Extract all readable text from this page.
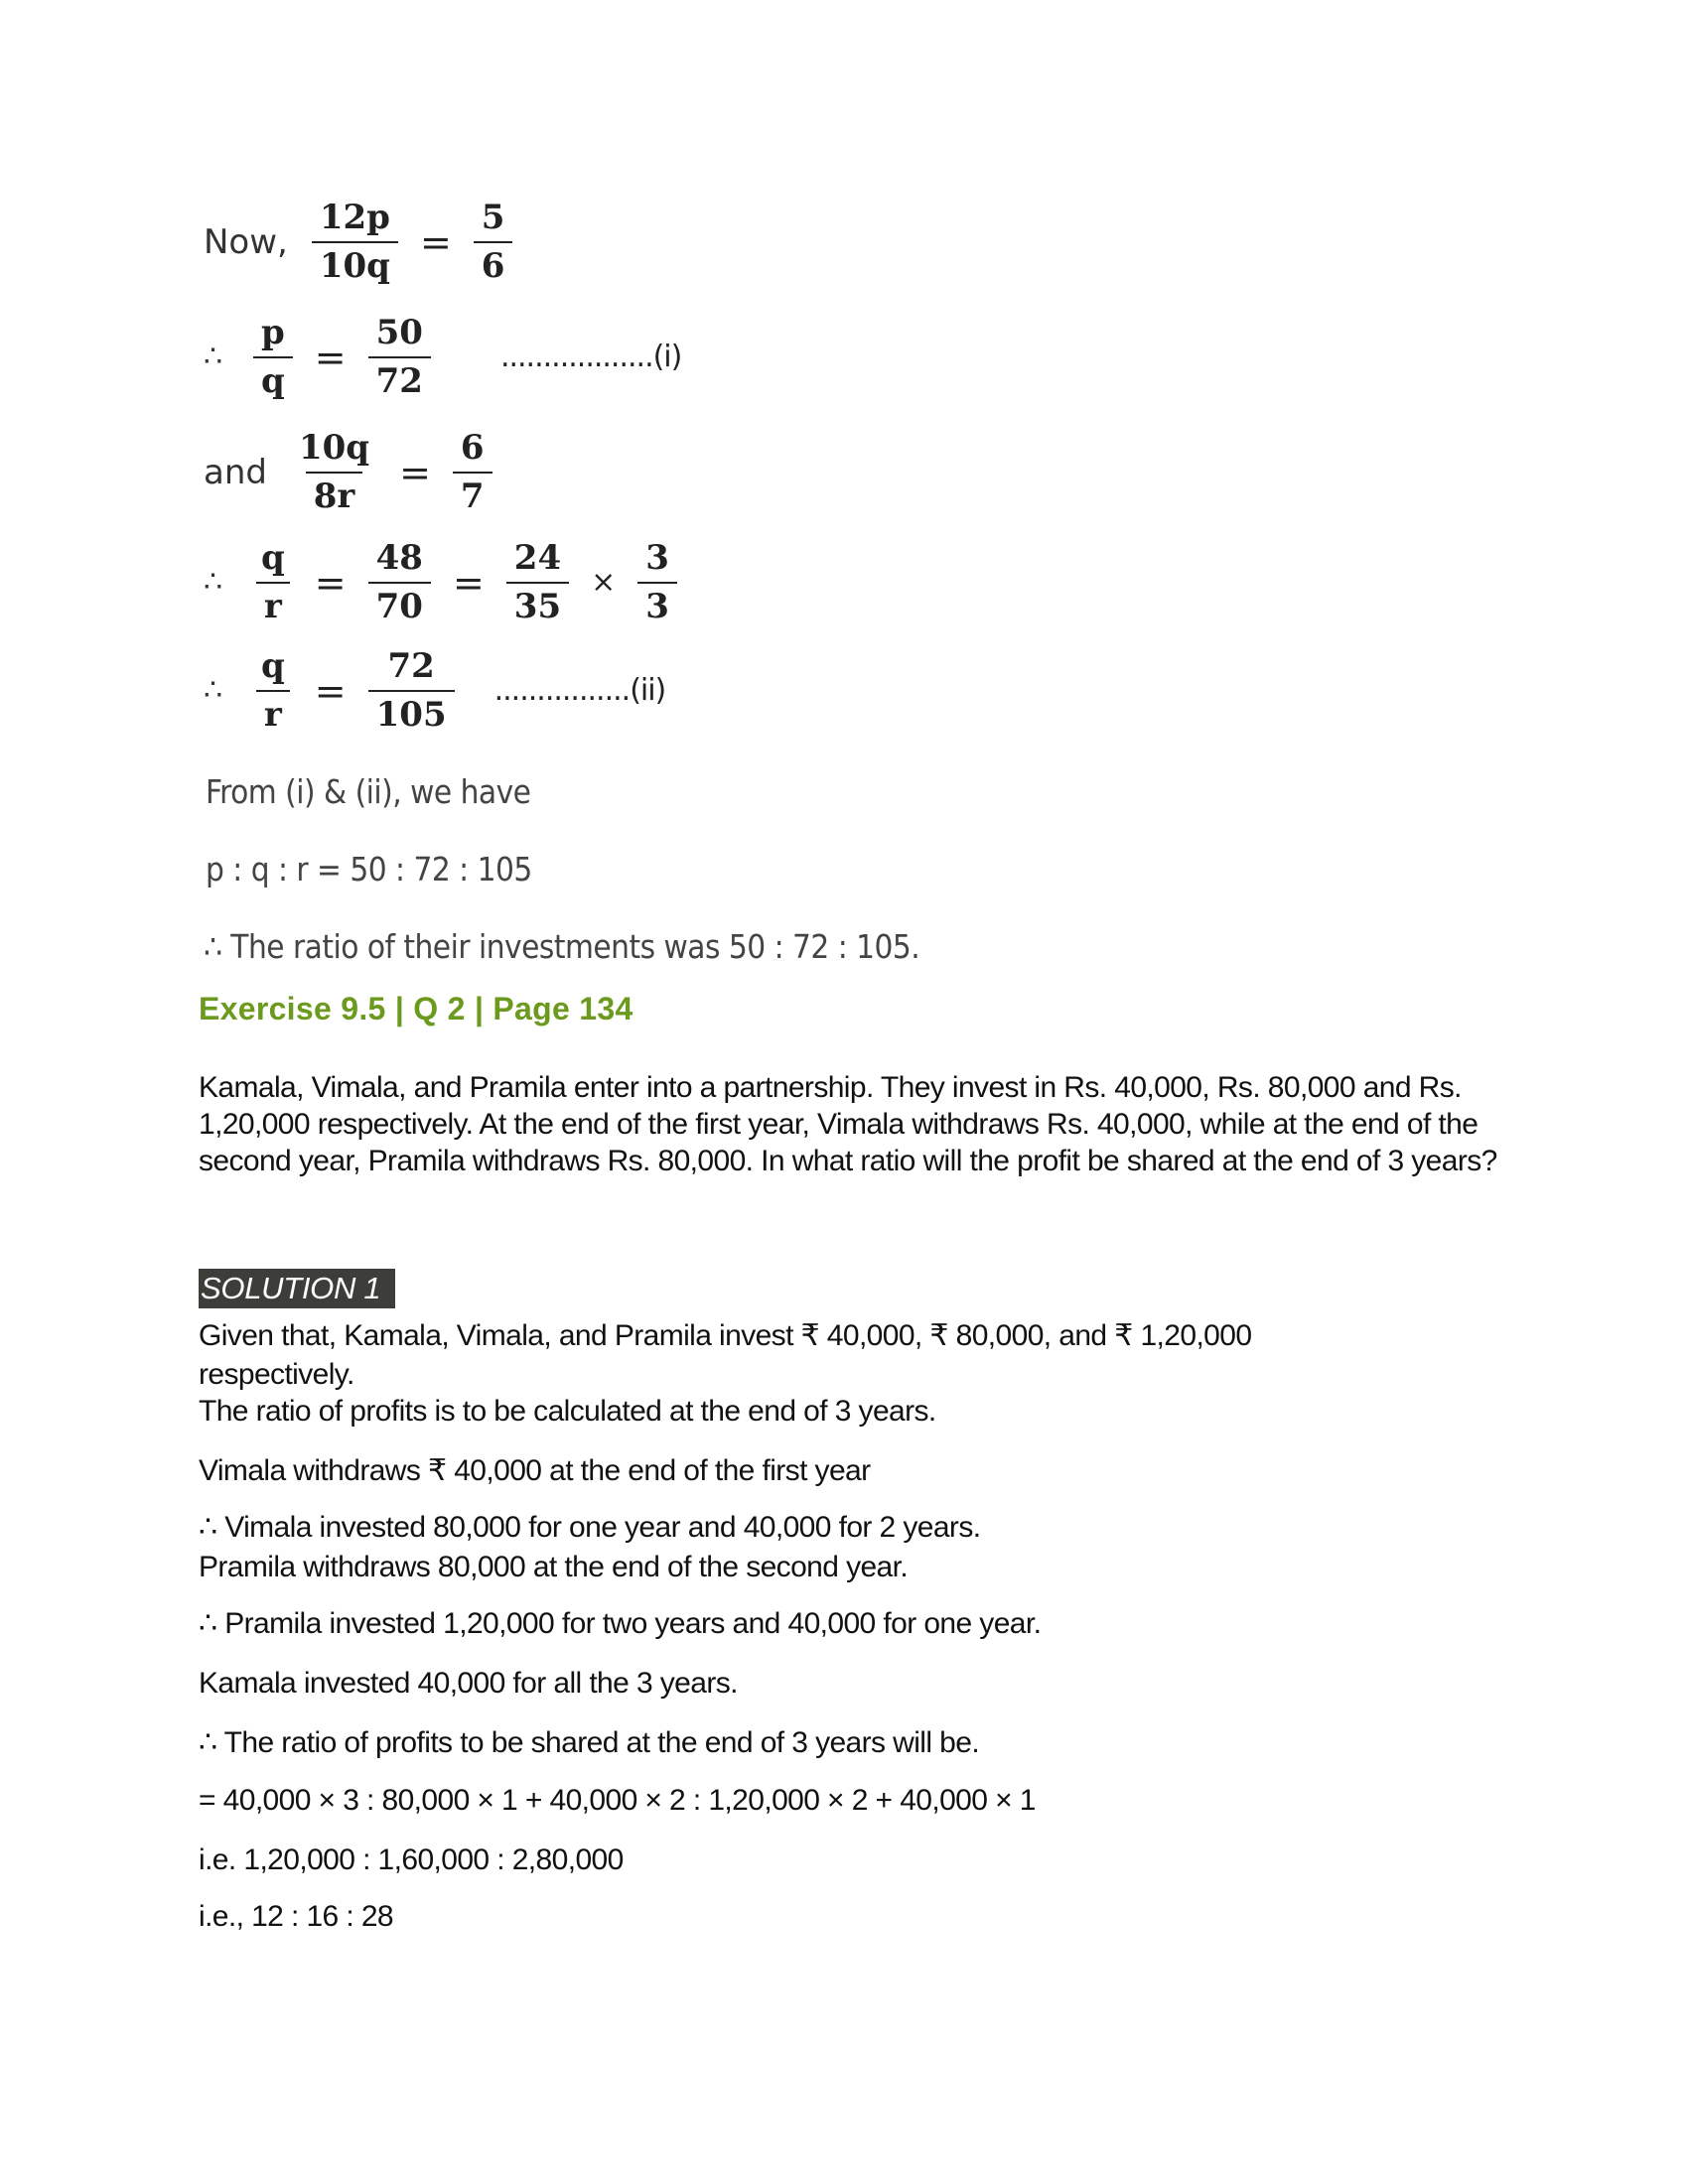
Now, $\frac{12p}{10q} = \frac{5}{6}$
∴ $\frac{p}{q} = \frac{50}{72} ..................(i)$
and $\frac{10q}{8r} = \frac{6}{7}$
∴ $\frac{q}{r} = \frac{48}{70} = \frac{24}{35} \times \frac{3}{3}$
∴ $\frac{q}{r} = \frac{72}{105} ................(ii)$
From (i) & (ii), we have
p : q : r = 50 : 72 : 105
∴ The ratio of their investments was 50 : 72 : 105.
Exercise 9.5 | Q 2 | Page 134
Kamala, Vimala, and Pramila enter into a partnership. They invest in Rs. 40,000, Rs. 80,000 and Rs. 1,20,000 respectively. At the end of the first year, Vimala withdraws Rs. 40,000, while at the end of the second year, Pramila withdraws Rs. 80,000. In what ratio will the profit be shared at the end of 3 years?
SOLUTION 1
Given that, Kamala, Vimala, and Pramila invest ₹ 40,000, ₹ 80,000, and ₹ 1,20,000
respectively.
The ratio of profits is to be calculated at the end of 3 years.
Vimala withdraws ₹ 40,000 at the end of the first year
∴ Vimala invested 80,000 for one year and 40,000 for 2 years.
Pramila withdraws 80,000 at the end of the second year.
∴ Pramila invested 1,20,000 for two years and 40,000 for one year.
Kamala invested 40,000 for all the 3 years.
∴ The ratio of profits to be shared at the end of 3 years will be.
= 40,000 × 3 : 80,000 × 1 + 40,000 × 2 : 1,20,000 × 2 + 40,000 × 1
i.e. 1,20,000 : 1,60,000 : 2,80,000
i.e., 12 : 16 : 28
